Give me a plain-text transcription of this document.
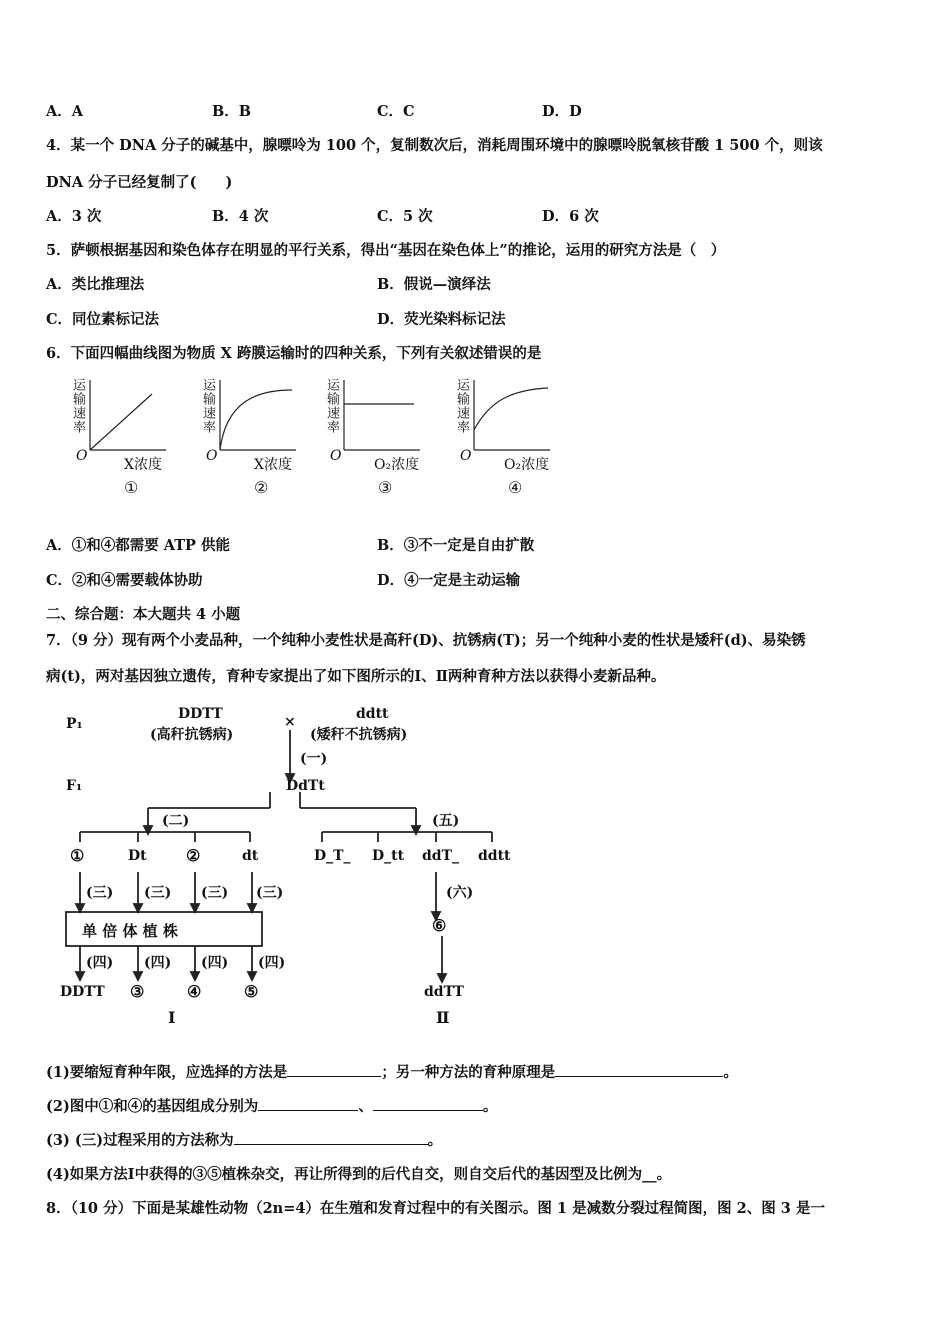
A．A	B．B	C．C	D．D
4．某一个 DNA 分子的碱基中，腺嘌呤为 100 个，复制数次后，消耗周围环境中的腺嘌呤脱氧核苷酸 1 500 个，则该
DNA 分子已经复制了(　　)
A．3 次	B．4 次	C．5 次	D．6 次
5．萨顿根据基因和染色体存在明显的平行关系，得出“基因在染色体上”的推论，运用的研究方法是（　）
A．类比推理法	B．假说—演绎法
C．同位素标记法	D．荧光染料标记法
6．下面四幅曲线图为物质 X 跨膜运输时的四种关系，下列有关叙述错误的是
运输速率
O
X浓度
①
运输速率
O
X浓度
②
运输速率
O
O₂浓度
③
运输速率
O
O₂浓度
④
A．①和④都需要 ATP 供能	B．③不一定是自由扩散
C．②和④需要载体协助	D．④一定是主动运输
二、综合题：本大题共 4 小题
7．（9 分）现有两个小麦品种，一个纯种小麦性状是高秆(D)、抗锈病(T)；另一个纯种小麦的性状是矮秆(d)、易染锈
病(t)，两对基因独立遗传，育种专家提出了如下图所示的Ⅰ、Ⅱ两种育种方法以获得小麦新品种。
P₁
DDTT
(高秆抗锈病)
×	ddtt
(矮秆不抗锈病)
(一)
F₁	DdTt
(二)	(五)
①	Dt ②	dt	D_T_ D_tt ddT_ ddtt
(三) (三) (三) (三)	(六)
单 倍 体 植 株	⑥
(四) (四) (四) (四)
DDTT ③	④	⑤	ddTT
Ⅰ	Ⅱ
(1)要缩短育种年限，应选择的方法是	；另一种方法的育种原理是	。
(2)图中①和④的基因组成分别为	、	。
(3) (三)过程采用的方法称为	。
(4)如果方法Ⅰ中获得的③⑤植株杂交，再让所得到的后代自交，则自交后代的基因型及比例为__。
8．（10 分）下面是某雄性动物（2n=4）在生殖和发育过程中的有关图示。图 1 是减数分裂过程简图，图 2、图 3 是一
